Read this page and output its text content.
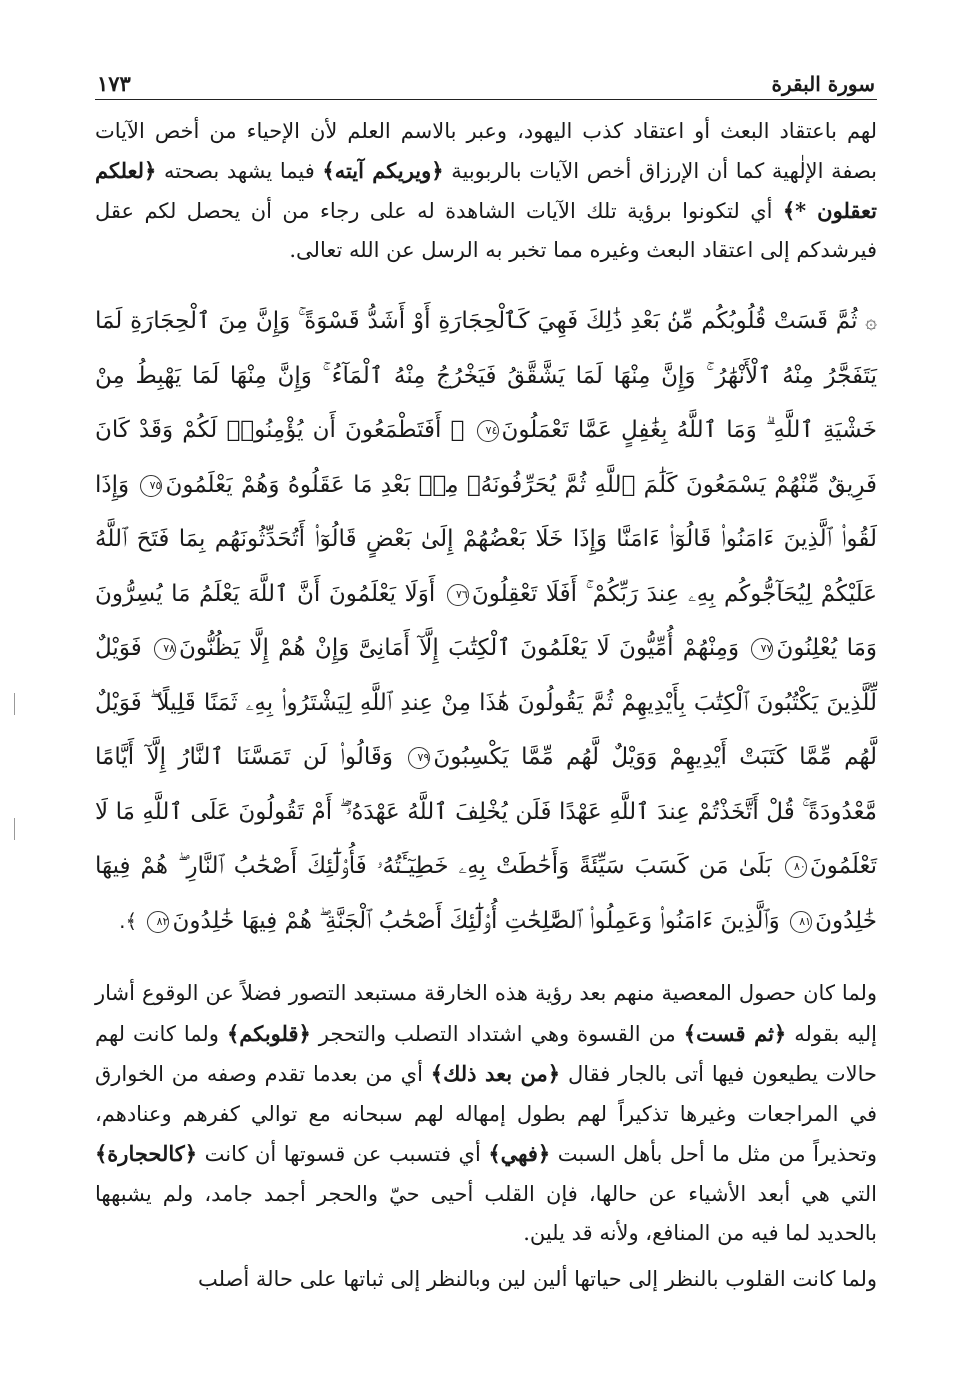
سورة البقرة
١٧٣

لهم باعتقاد البعث أو اعتقاد كذب اليهود، وعبر بالاسم العلم لأن الإحياء من أخص الآيات بصفة الإلٰهية كما أن الإرزاق أخص الآيات بالربوبية ﴿ويريكم آيته﴾ فيما يشهد بصحته ﴿لعلكم تعقلون *﴾ أي لتكونوا برؤية تلك الآيات الشاهدة له على رجاء من أن يحصل لكم عقل فيرشدكم إلى اعتقاد البعث وغيره مما تخبر به الرسل عن الله تعالى.

۞ ثُمَّ قَسَتْ قُلُوبُكُم مِّنۢ بَعْدِ ذَٰلِكَ فَهِيَ كَٱلْحِجَارَةِ أَوْ أَشَدُّ قَسْوَةً ۚ وَإِنَّ مِنَ ٱلْحِجَارَةِ لَمَا يَتَفَجَّرُ مِنْهُ ٱلْأَنْهَٰرُ ۚ وَإِنَّ مِنْهَا لَمَا يَشَّقَّقُ فَيَخْرُجُ مِنْهُ ٱلْمَآءُ ۚ وَإِنَّ مِنْهَا لَمَا يَهْبِطُ مِنْ خَشْيَةِ ٱللَّهِ ۗ وَمَا ٱللَّهُ بِغَٰفِلٍ عَمَّا تَعْمَلُونَ٧٤ ۞ أَفَتَطْمَعُونَ أَن يُؤْمِنُوا۟ لَكُمْ وَقَدْ كَانَ فَرِيقٌ مِّنْهُمْ يَسْمَعُونَ كَلَٰمَ ٱللَّهِ ثُمَّ يُحَرِّفُونَهُۥ مِنۢ بَعْدِ مَا عَقَلُوهُ وَهُمْ يَعْلَمُونَ٧٥ وَإِذَا لَقُوا۟ ٱلَّذِينَ ءَامَنُوا۟ قَالُوٓا۟ ءَامَنَّا وَإِذَا خَلَا بَعْضُهُمْ إِلَىٰ بَعْضٍ قَالُوٓا۟ أَتُحَدِّثُونَهُم بِمَا فَتَحَ ٱللَّهُ عَلَيْكُمْ لِيُحَآجُّوكُم بِهِۦ عِندَ رَبِّكُمْ ۚ أَفَلَا تَعْقِلُونَ٧٦ أَوَلَا يَعْلَمُونَ أَنَّ ٱللَّهَ يَعْلَمُ مَا يُسِرُّونَ وَمَا يُعْلِنُونَ٧٧ وَمِنْهُمْ أُمِّيُّونَ لَا يَعْلَمُونَ ٱلْكِتَٰبَ إِلَّآ أَمَانِىَّ وَإِنْ هُمْ إِلَّا يَظُنُّونَ٧٨ فَوَيْلٌ لِّلَّذِينَ يَكْتُبُونَ ٱلْكِتَٰبَ بِأَيْدِيهِمْ ثُمَّ يَقُولُونَ هَٰذَا مِنْ عِندِ ٱللَّهِ لِيَشْتَرُوا۟ بِهِۦ ثَمَنًا قَلِيلًا ۖ فَوَيْلٌ لَّهُم مِّمَّا كَتَبَتْ أَيْدِيهِمْ وَوَيْلٌ لَّهُم مِّمَّا يَكْسِبُونَ٧٩ وَقَالُوا۟ لَن تَمَسَّنَا ٱلنَّارُ إِلَّآ أَيَّامًا مَّعْدُودَةً ۚ قُلْ أَتَّخَذْتُمْ عِندَ ٱللَّهِ عَهْدًا فَلَن يُخْلِفَ ٱللَّهُ عَهْدَهُۥٓ ۖ أَمْ تَقُولُونَ عَلَى ٱللَّهِ مَا لَا تَعْلَمُونَ٨٠ بَلَىٰ مَن كَسَبَ سَيِّئَةً وَأَحَٰطَتْ بِهِۦ خَطِيٓـَٔتُهُۥ فَأُو۟لَٰٓئِكَ أَصْحَٰبُ ٱلنَّارِ ۖ هُمْ فِيهَا خَٰلِدُونَ٨١ وَٱلَّذِينَ ءَامَنُوا۟ وَعَمِلُوا۟ ٱلصَّٰلِحَٰتِ أُو۟لَٰٓئِكَ أَصْحَٰبُ ٱلْجَنَّةِ ۖ هُمْ فِيهَا خَٰلِدُونَ٨٢ ﴾.

ولما كان حصول المعصية منهم بعد رؤية هذه الخارقة مستبعد التصور فضلاً عن الوقوع أشار إليه بقوله ﴿ثم قست﴾ من القسوة وهي اشتداد التصلب والتحجر ﴿قلوبكم﴾ ولما كانت لهم حالات يطيعون فيها أتى بالجار فقال ﴿من بعد ذلك﴾ أي من بعدما تقدم وصفه من الخوارق في المراجعات وغيرها تذكيراً لهم بطول إمهاله لهم سبحانه مع توالي كفرهم وعنادهم، وتحذيراً من مثل ما أحل بأهل السبت ﴿فهي﴾ أي فتسبب عن قسوتها أن كانت ﴿كالحجارة﴾ التي هي أبعد الأشياء عن حالها، فإن القلب أحيى حيّ والحجر أجمد جامد، ولم يشبهها بالحديد لما فيه من المنافع، ولأنه قد يلين.

ولما كانت القلوب بالنظر إلى حياتها ألين لين وبالنظر إلى ثباتها على حالة أصلب
